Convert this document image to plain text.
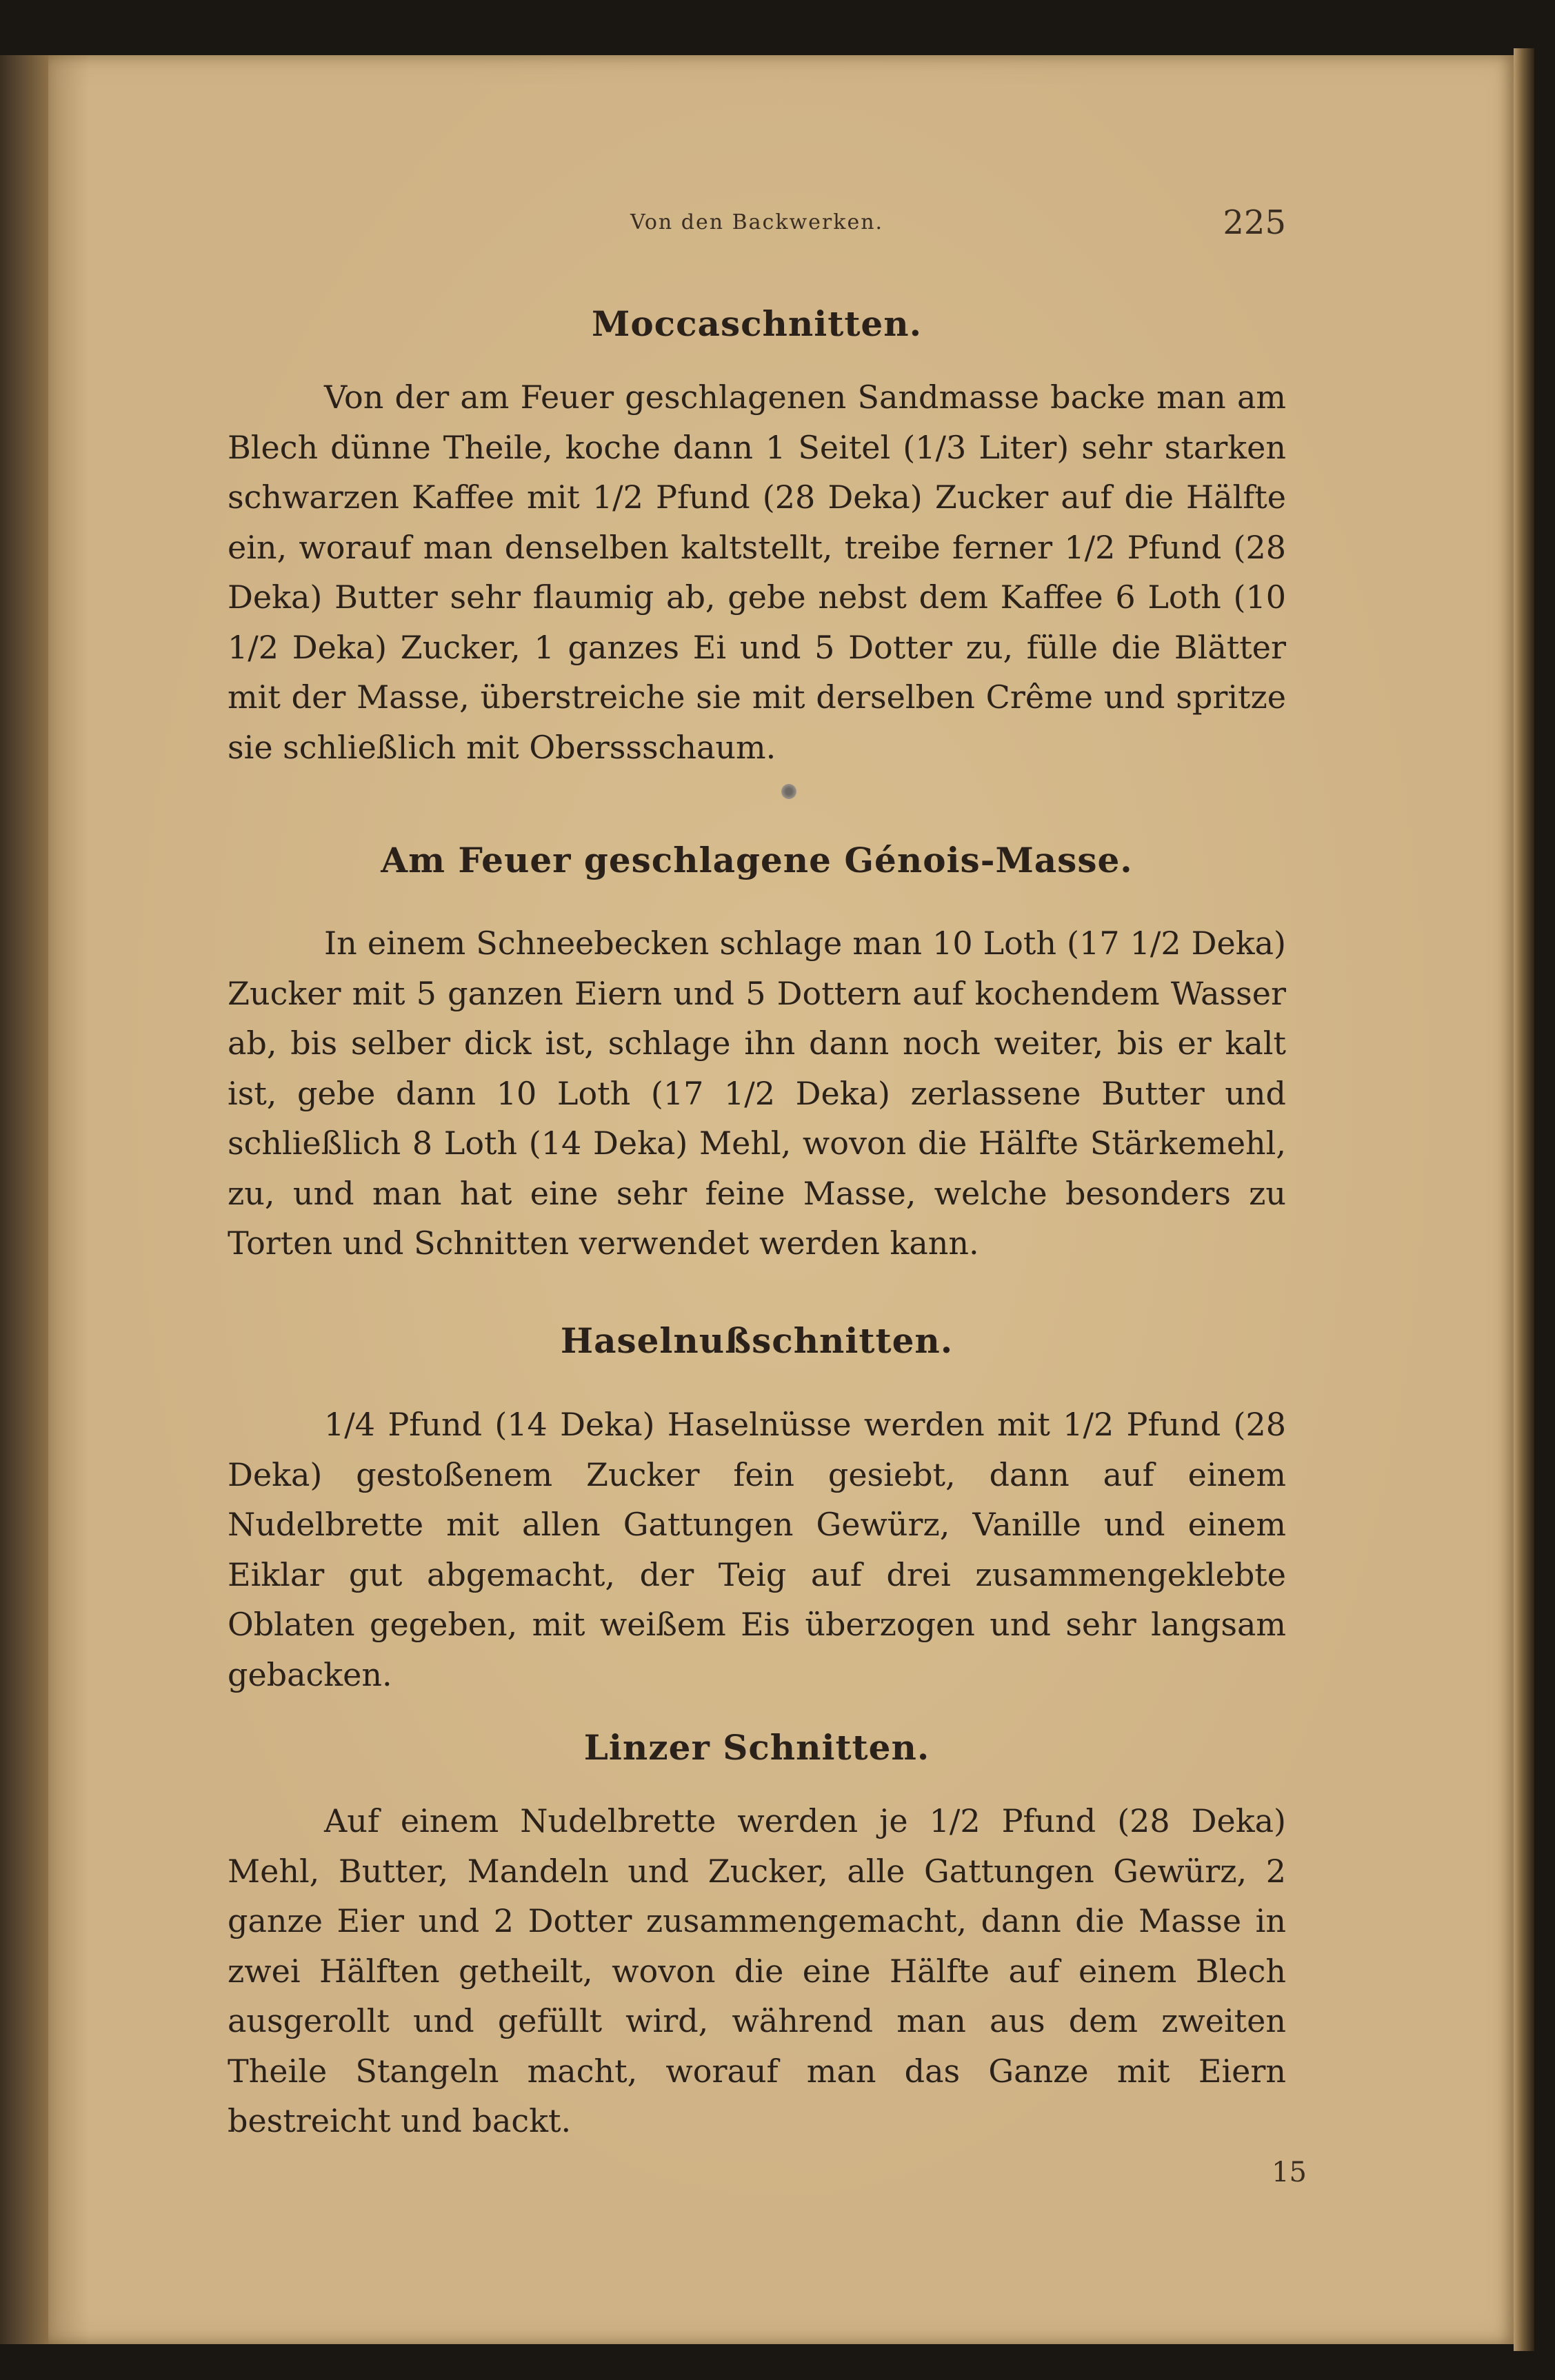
Von den Backwerken.	225

Moccaschnitten.

Von der am Feuer geschlagenen Sandmasse backe man am Blech dünne Theile, koche dann 1 Seitel (1/3 Liter) sehr starken schwarzen Kaffee mit 1/2 Pfund (28 Deka) Zucker auf die Hälfte ein, worauf man denselben kaltstellt, treibe ferner 1/2 Pfund (28 Deka) Butter sehr flaumig ab, gebe nebst dem Kaffee 6 Loth (10 1/2 Deka) Zucker, 1 ganzes Ei und 5 Dotter zu, fülle die Blätter mit der Masse, überstreiche sie mit derselben Crême und spritze sie schließlich mit Oberssschaum.

Am Feuer geschlagene Génois-Masse.

In einem Schneebecken schlage man 10 Loth (17 1/2 Deka) Zucker mit 5 ganzen Eiern und 5 Dottern auf kochendem Wasser ab, bis selber dick ist, schlage ihn dann noch weiter, bis er kalt ist, gebe dann 10 Loth (17 1/2 Deka) zerlassene Butter und schließlich 8 Loth (14 Deka) Mehl, wovon die Hälfte Stärkemehl, zu, und man hat eine sehr feine Masse, welche besonders zu Torten und Schnitten verwendet werden kann.

Haselnußschnitten.

1/4 Pfund (14 Deka) Haselnüsse werden mit 1/2 Pfund (28 Deka) gestoßenem Zucker fein gesiebt, dann auf einem Nudelbrette mit allen Gattungen Gewürz, Vanille und einem Eiklar gut abgemacht, der Teig auf drei zusammengeklebte Oblaten gegeben, mit weißem Eis überzogen und sehr langsam gebacken.

Linzer Schnitten.

Auf einem Nudelbrette werden je 1/2 Pfund (28 Deka) Mehl, Butter, Mandeln und Zucker, alle Gattungen Gewürz, 2 ganze Eier und 2 Dotter zusammengemacht, dann die Masse in zwei Hälften getheilt, wovon die eine Hälfte auf einem Blech ausgerollt und gefüllt wird, während man aus dem zweiten Theile Stangeln macht, worauf man das Ganze mit Eiern bestreicht und backt.

15
